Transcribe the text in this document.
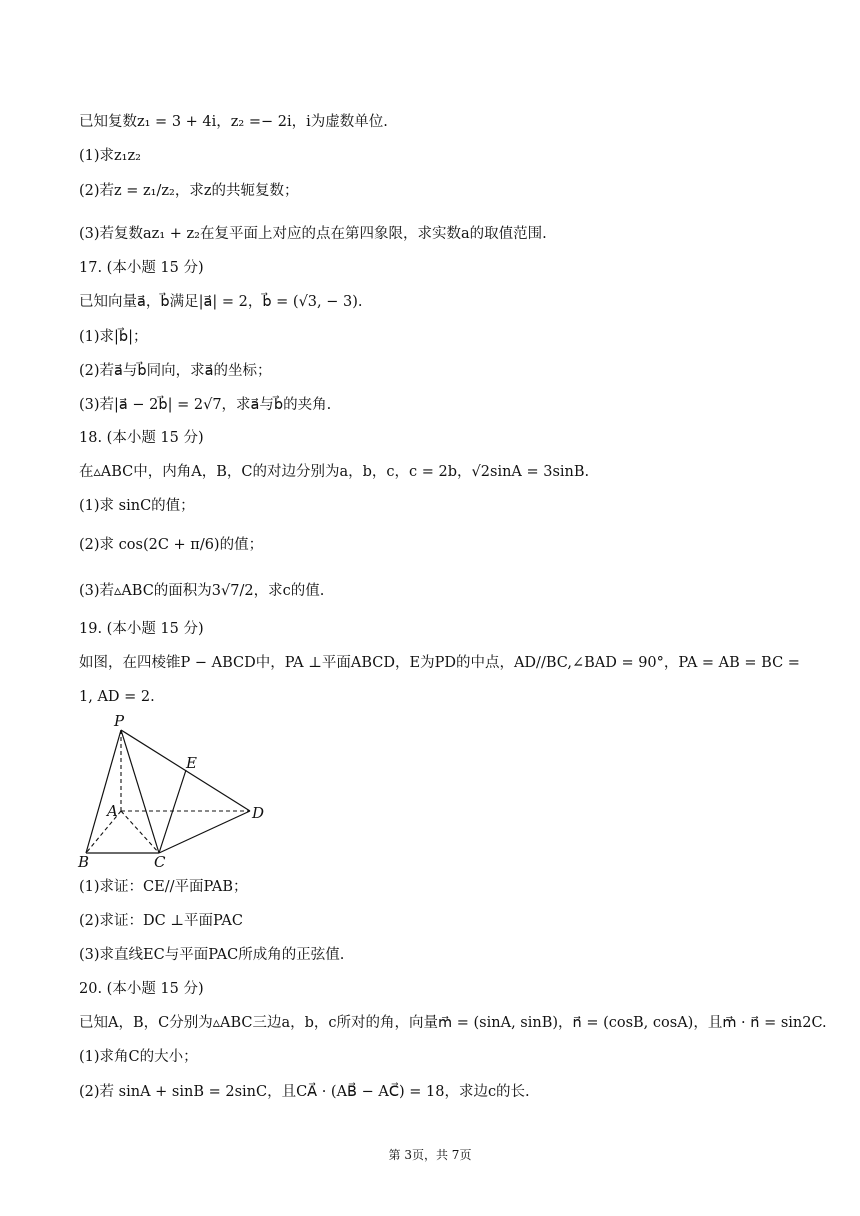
已知复数z₁ = 3 + 4i，z₂ =− 2i，i为虚数单位.
(1)求z₁z₂
(2)若z = z₁/z₂，求z的共轭复数；
(3)若复数az₁ + z₂在复平面上对应的点在第四象限，求实数a的取值范围.
17. (本小题 15 分)
已知向量a⃗，b⃗满足|a⃗| = 2，b⃗ = (√3, − 3).
(1)求|b⃗|；
(2)若a⃗与b⃗同向，求a⃗的坐标；
(3)若|a⃗ − 2b⃗| = 2√7，求a⃗与b⃗的夹角.
18. (本小题 15 分)
在▵ABC中，内角A，B，C的对边分别为a，b，c，c = 2b，√2sinA = 3sinB.
(1)求 sinC的值；
(2)求 cos(2C + π/6)的值；
(3)若▵ABC的面积为3√7/2，求c的值.
19. (本小题 15 分)
如图，在四棱锥P − ABCD中，PA ⊥平面ABCD，E为PD的中点，AD//BC,∠BAD = 90°，PA = AB = BC =
1, AD = 2.
P
E
A	D
B	C
(1)求证：CE//平面PAB；
(2)求证：DC ⊥平面PAC
(3)求直线EC与平面PAC所成角的正弦值.
20. (本小题 15 分)
已知A，B，C分别为▵ABC三边a，b，c所对的角，向量m⃗ = (sinA, sinB)，n⃗ = (cosB, cosA)，且m⃗ · n⃗ = sin2C.
(1)求角C的大小；
(2)若 sinA + sinB = 2sinC，且CA⃗ · (AB⃗ − AC⃗) = 18，求边c的长.
第 3页，共 7页
